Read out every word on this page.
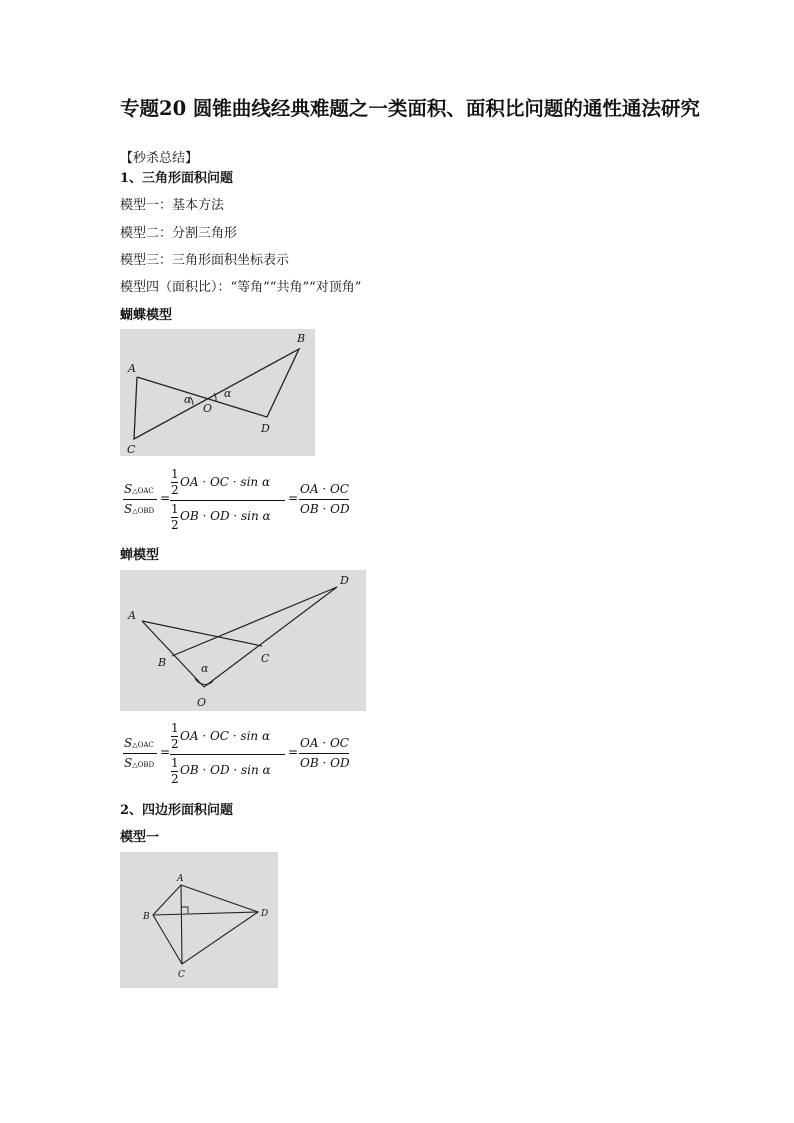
专题20 圆锥曲线经典难题之一类面积、面积比问题的通性通法研究
【秒杀总结】
1、三角形面积问题
模型一：基本方法
模型二：分割三角形
模型三：三角形面积坐标表示
模型四（面积比）：“等角”“共角”“对顶角”
蝴蝶模型
A
B
C
D
O
α	α
S△OAC
S△OBD
=
1
2
OA · OC · sin α
1
2
OB · OD · sin α
=
OA · OC
OB · OD
蝉模型
A
B	C
D
O
α
S△OAC
S△OBD
=
1
2
OA · OC · sin α
1
2
OB · OD · sin α
=
OA · OC
OB · OD
2、四边形面积问题
模型一
A
B
C
D
